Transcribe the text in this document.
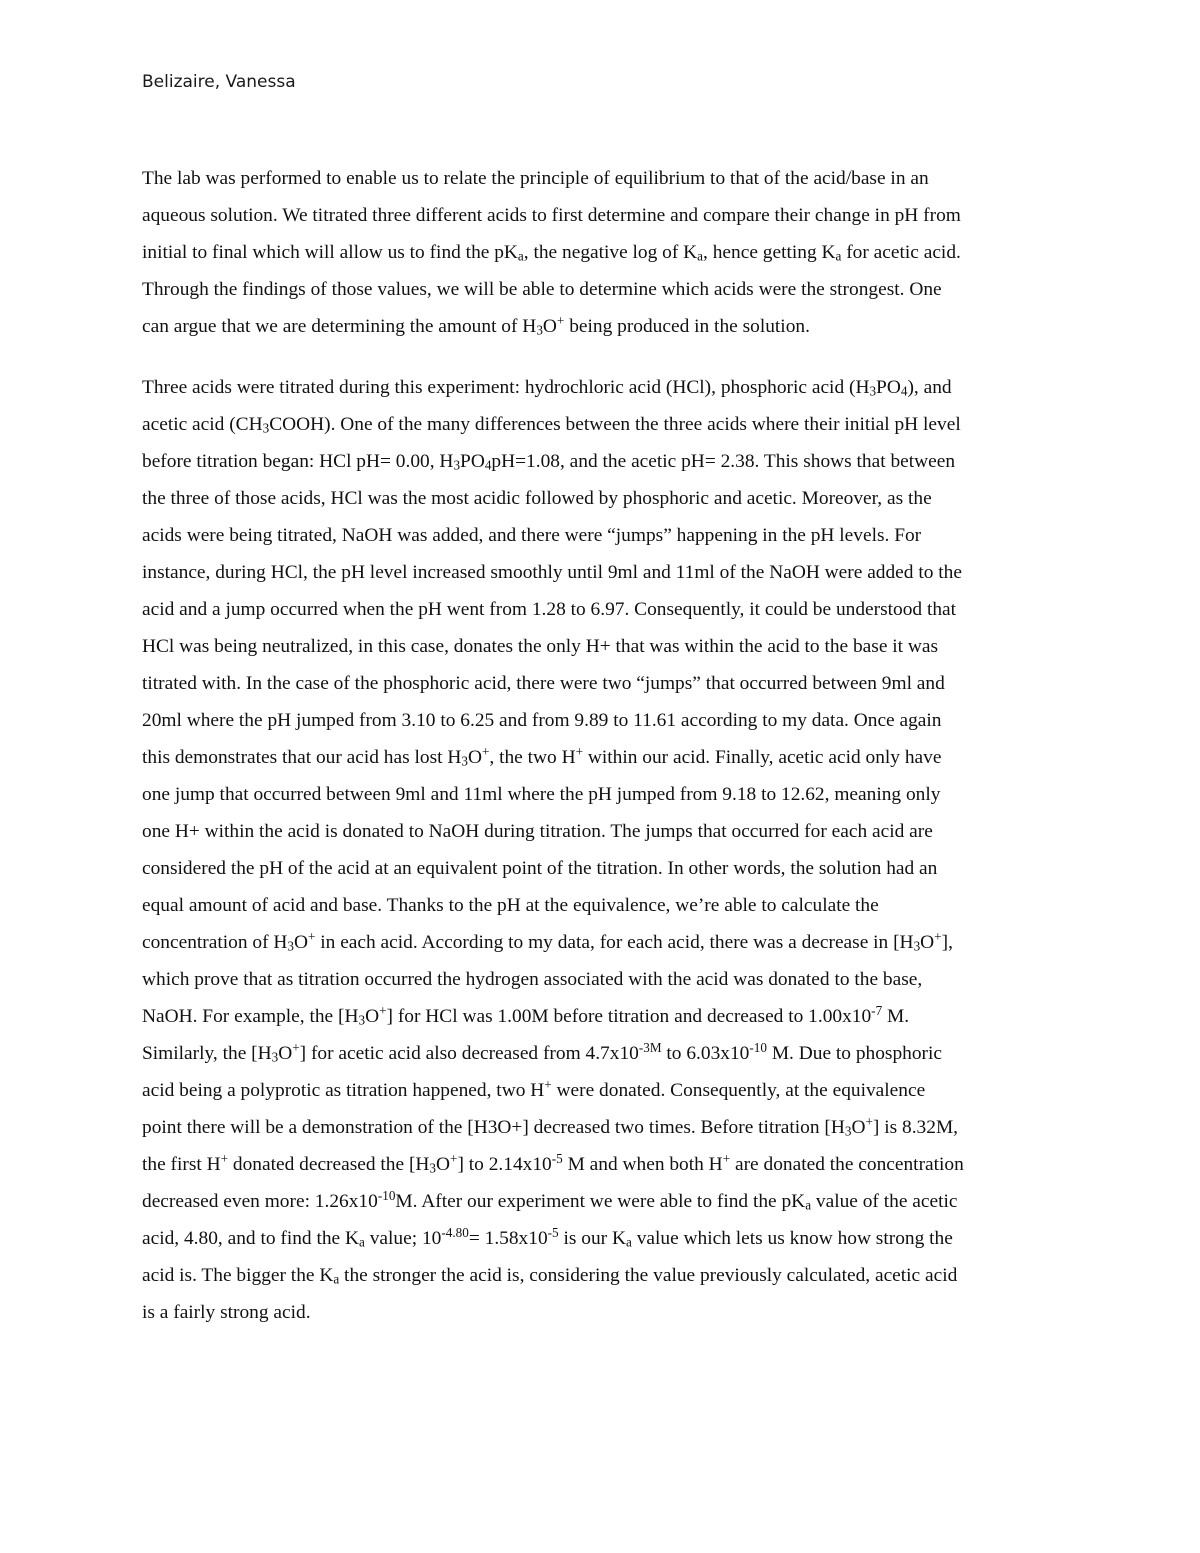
Belizaire, Vanessa
The lab was performed to enable us to relate the principle of equilibrium to that of the acid/base in an
aqueous solution. We titrated three different acids to first determine and compare their change in pH from
initial to final which will allow us to find the $pK_a$, the negative log of $K_a$, hence getting $K_a$ for acetic acid.
Through the findings of those values, we will be able to determine which acids were the strongest. One
can argue that we are determining the amount of $H_3O^+$ being produced in the solution.
Three acids were titrated during this experiment: hydrochloric acid (HCl), phosphoric acid $(H_3PO_4)$, and
acetic acid $(CH_3COOH)$. One of the many differences between the three acids where their initial pH level
before titration began: HCl pH= 0.00, $H_3PO_4pH=1.08$, and the acetic pH= 2.38. This shows that between
the three of those acids, HCl was the most acidic followed by phosphoric and acetic. Moreover, as the
acids were being titrated, NaOH was added, and there were “jumps” happening in the pH levels. For
instance, during HCl, the pH level increased smoothly until 9ml and 11ml of the NaOH were added to the
acid and a jump occurred when the pH went from 1.28 to 6.97. Consequently, it could be understood that
HCl was being neutralized, in this case, donates the only H+ that was within the acid to the base it was
titrated with. In the case of the phosphoric acid, there were two “jumps” that occurred between 9ml and
20ml where the pH jumped from 3.10 to 6.25 and from 9.89 to 11.61 according to my data. Once again
this demonstrates that our acid has lost $H_3O^+$, the two H+ within our acid. Finally, acetic acid only have
one jump that occurred between 9ml and 11ml where the pH jumped from 9.18 to 12.62, meaning only
one H+ within the acid is donated to NaOH during titration. The jumps that occurred for each acid are
considered the pH of the acid at an equivalent point of the titration. In other words, the solution had an
equal amount of acid and base. Thanks to the pH at the equivalence, we’re able to calculate the
concentration of $H_3O^+$ in each acid. According to my data, for each acid, there was a decrease in $[H_3O^+]$,
which prove that as titration occurred the hydrogen associated with the acid was donated to the base,
NaOH. For example, the $[H_3O^+]$ for HCl was 1.00M before titration and decreased to $1.00x10^{-7}$ M.
Similarly, the $[H_3O^+]$ for acetic acid also decreased from $4.7x10^{-3M}$ to $6.03x10^{-10}$ M. Due to phosphoric
acid being a polyprotic as titration happened, two H+ were donated. Consequently, at the equivalence
point there will be a demonstration of the [H3O+] decreased two times. Before titration $[H_3O^+]$ is 8.32M,
the first H+ donated decreased the $[H_3O^+]$ to $2.14x10^{-5}$ M and when both H+ are donated the concentration
decreased even more: $1.26x10^{-10}M$. After our experiment we were able to find the $pK_a$ value of the acetic
acid, 4.80, and to find the $K_a$ value; $10^{-4.80}= 1.58x10^{-5}$ is our $K_a$ value which lets us know how strong the
acid is. The bigger the $K_a$ the stronger the acid is, considering the value previously calculated, acetic acid
is a fairly strong acid.
